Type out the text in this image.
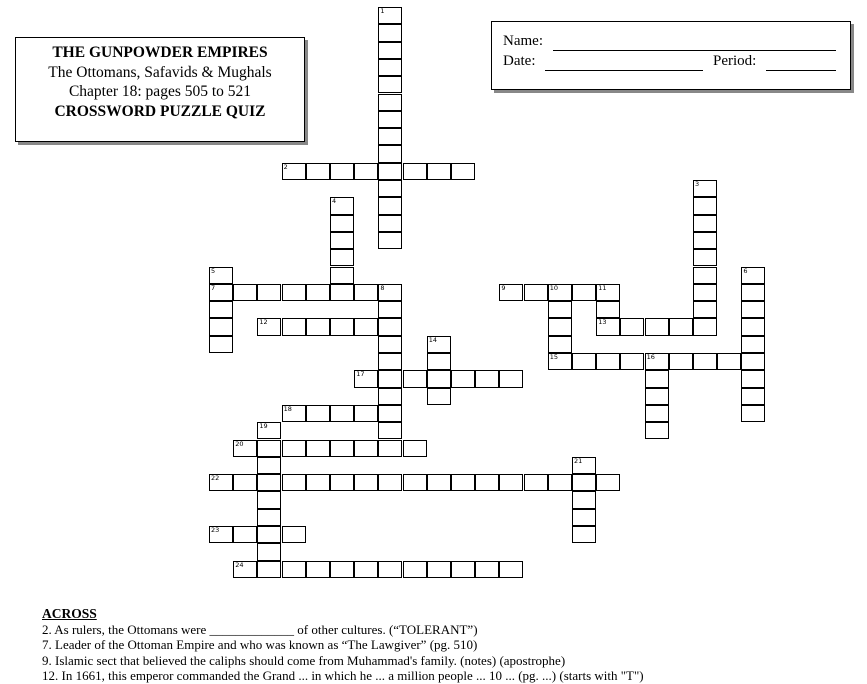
THE GUNPOWDER EMPIRES
The Ottomans, Safavids & Mughals
Chapter 18: pages 505 to 521
CROSSWORD PUZZLE QUIZ
Name:
Date:	Period:
1
2
3
4
5
7
6
8	9	10	11
15
13
12
14
16
17
18
19
20
21
22
23
24
ACROSS
2. As rulers, the Ottomans were _____________ of other cultures. (“TOLERANT”)
7. Leader of the Ottoman Empire and who was known as “The Lawgiver” (pg. 510)
9. Islamic sect that believed the caliphs should come from Muhammad's family. (notes) (apostrophe)
12. In 1661, this emperor commanded the Grand ... in which he ... a million people ... 10 ... (pg. ...) (starts with "T")
